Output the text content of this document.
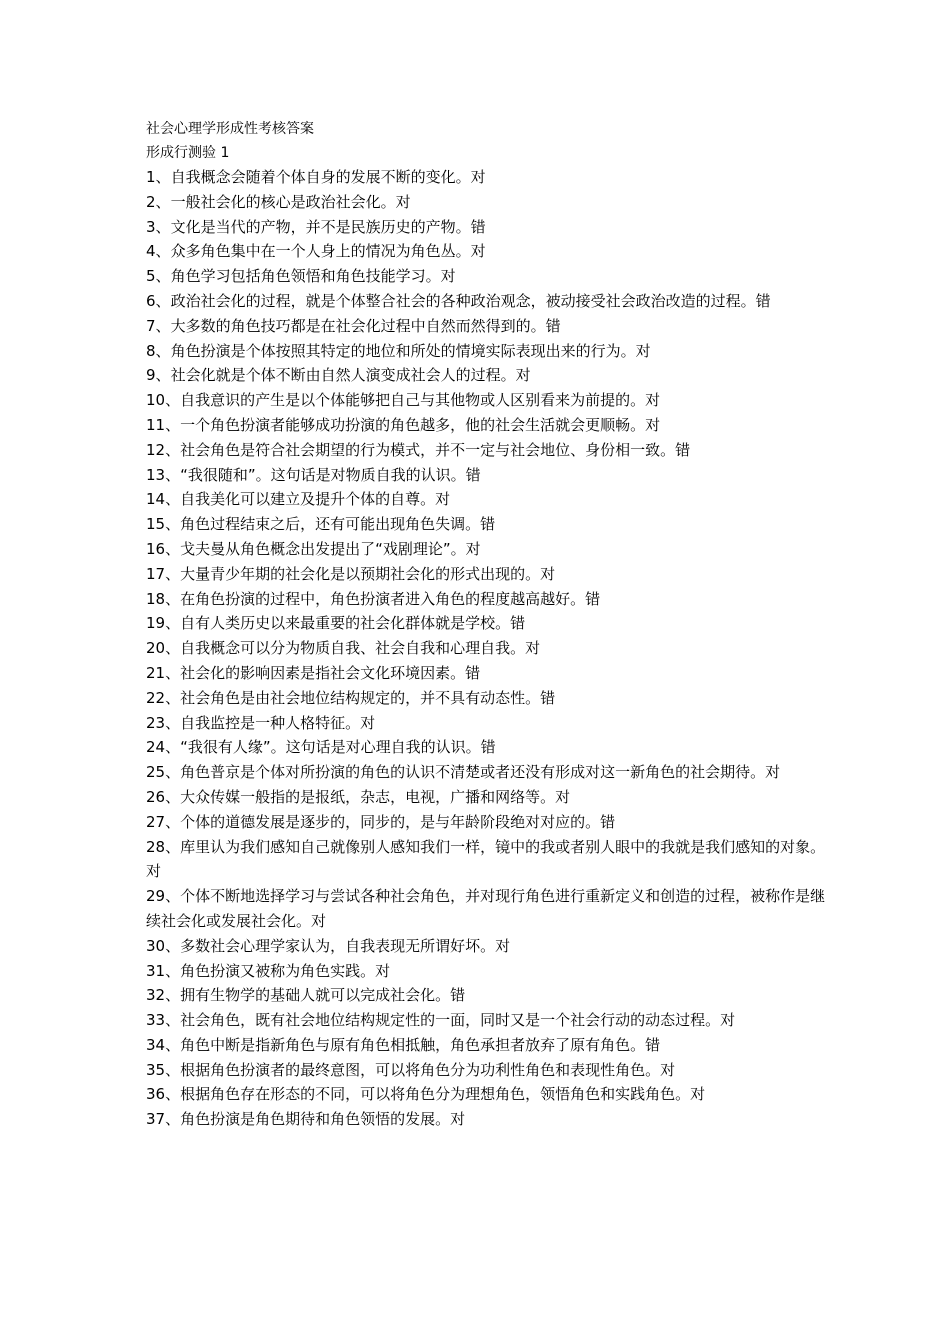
社会心理学形成性考核答案

形成行测验 1

1 、 自我概念会随着个体自身的发展不断的变化。对
2 、 一般社会化的核心是政治社会化。对
3 、 文化是当代的产物，并不是民族历史的产物。错
4 、 众多角色集中在一个人身上的情况为角色丛。对
5 、 角色学习包括角色领悟和角色技能学习。对
6 、 政治社会化的过程，就是个体整合社会的各种政治观念，被动接受社会政治改造的过程。错
7 、 大多数的角色技巧都是在社会化过程中自然而然得到的。错
8 、 角色扮演是个体按照其特定的地位和所处的情境实际表现出来的行为。对
9 、 社会化就是个体不断由自然人演变成社会人的过程。对
10 、 自我意识的产生是以个体能够把自己与其他物或人区别看来为前提的。对
11 、 一个角色扮演者能够成功扮演的角色越多，他的社会生活就会更顺畅。对
12 、 社会角色是符合社会期望的行为模式，并不一定与社会地位、身份相一致。错
13 、 “我很随和”。这句话是对物质自我的认识。错
14 、 自我美化可以建立及提升个体的自尊。对
15 、 角色过程结束之后，还有可能出现角色失调。错
16 、 戈夫曼从角色概念出发提出了“戏剧理论”。对
17 、 大量青少年期的社会化是以预期社会化的形式出现的。对
18 、 在角色扮演的过程中，角色扮演者进入角色的程度越高越好。错
19 、 自有人类历史以来最重要的社会化群体就是学校。错
20 、 自我概念可以分为物质自我、社会自我和心理自我。对
21 、 社会化的影响因素是指社会文化环境因素。错
22 、 社会角色是由社会地位结构规定的，并不具有动态性。错
23 、 自我监控是一种人格特征。对
24 、 “我很有人缘”。这句话是对心理自我的认识。错
25 、 角色普京是个体对所扮演的角色的认识不清楚或者还没有形成对这一新角色的社会期待。对
26 、 大众传媒一般指的是报纸，杂志，电视，广播和网络等。对
27 、 个体的道德发展是逐步的，同步的，是与年龄阶段绝对对应的。错
28 、 库里认为我们感知自己就像别人感知我们一样，镜中的我或者别人眼中的我就是我们感知的对象。对
29 、 个体不断地选择学习与尝试各种社会角色，并对现行角色进行重新定义和创造的过程，被称作是继续社会化或发展社会化。对
30 、 多数社会心理学家认为，自我表现无所谓好坏。对
31 、 角色扮演又被称为角色实践。对
32 、 拥有生物学的基础人就可以完成社会化。错
33 、 社会角色，既有社会地位结构规定性的一面，同时又是一个社会行动的动态过程。对
34 、 角色中断是指新角色与原有角色相抵触，角色承担者放弃了原有角色。错
35 、 根据角色扮演者的最终意图，可以将角色分为功利性角色和表现性角色。对
36 、 根据角色存在形态的不同，可以将角色分为理想角色，领悟角色和实践角色。对
37 、 角色扮演是角色期待和角色领悟的发展。对
